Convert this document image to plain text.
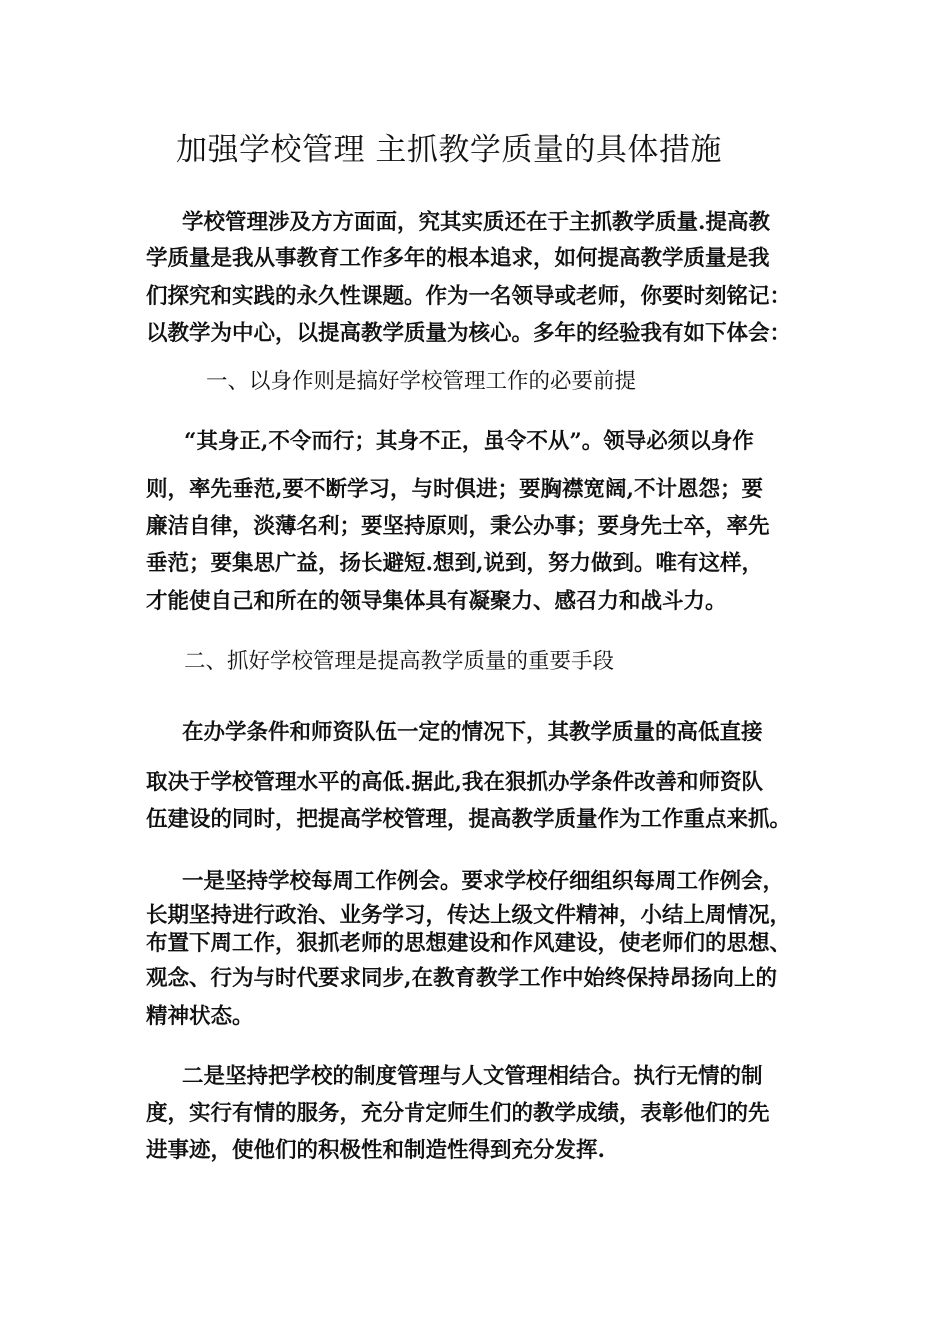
加强学校管理 主抓教学质量的具体措施
学校管理涉及方方面面，究其实质还在于主抓教学质量.提高教
学质量是我从事教育工作多年的根本追求，如何提高教学质量是我
们探究和实践的永久性课题。作为一名领导或老师，你要时刻铭记：
以教学为中心，以提高教学质量为核心。多年的经验我有如下体会：
一、以身作则是搞好学校管理工作的必要前提
“其身正,不令而行；其身不正，虽令不从”。领导必须以身作
则，率先垂范,要不断学习，与时俱进；要胸襟宽阔,不计恩怨；要
廉洁自律，淡薄名利；要坚持原则，秉公办事；要身先士卒，率先
垂范；要集思广益，扬长避短.想到,说到，努力做到。唯有这样，
才能使自己和所在的领导集体具有凝聚力、感召力和战斗力。
二、抓好学校管理是提高教学质量的重要手段
在办学条件和师资队伍一定的情况下，其教学质量的高低直接
取决于学校管理水平的高低.据此,我在狠抓办学条件改善和师资队
伍建设的同时，把提高学校管理，提高教学质量作为工作重点来抓。
一是坚持学校每周工作例会。要求学校仔细组织每周工作例会，
长期坚持进行政治、业务学习，传达上级文件精神，小结上周情况，
布置下周工作，狠抓老师的思想建设和作风建设，使老师们的思想、
观念、行为与时代要求同步,在教育教学工作中始终保持昂扬向上的
精神状态。
二是坚持把学校的制度管理与人文管理相结合。执行无情的制
度，实行有情的服务，充分肯定师生们的教学成绩，表彰他们的先
进事迹，使他们的积极性和制造性得到充分发挥.
